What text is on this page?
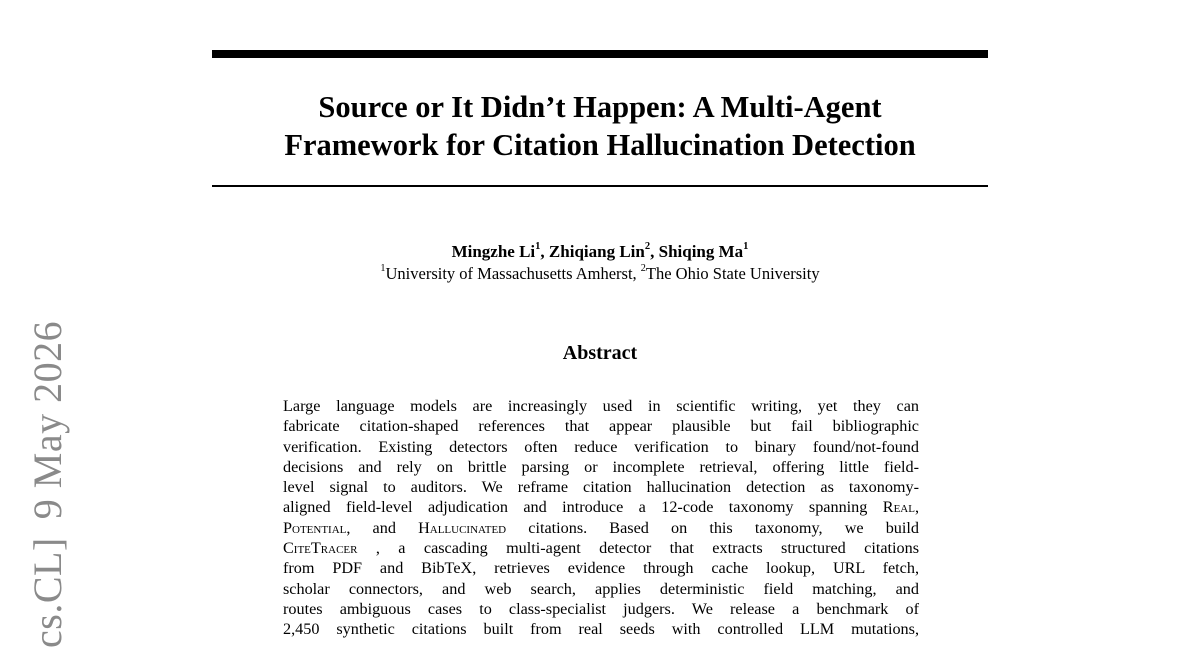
Source or It Didn’t Happen: A Multi-Agent
Framework for Citation Hallucination Detection
Mingzhe Li$^1$, Zhiqiang Lin$^2$, Shiqing Ma$^1$
$^1$University of Massachusetts Amherst, $^2$The Ohio State University
Abstract
Large language models are increasingly used in scientific writing, yet they can
fabricate citation-shaped references that appear plausible but fail bibliographic
verification. Existing detectors often reduce verification to binary found/not-found
decisions and rely on brittle parsing or incomplete retrieval, offering little field-
level signal to auditors. We reframe citation hallucination detection as taxonomy-
aligned field-level adjudication and introduce a 12-code taxonomy spanning Real,
Potential, and Hallucinated citations. Based on this taxonomy, we build
CiteTracer , a cascading multi-agent detector that extracts structured citations
from PDF and BibTeX, retrieves evidence through cache lookup, URL fetch,
scholar connectors, and web search, applies deterministic field matching, and
routes ambiguous cases to class-specialist judgers. We release a benchmark of
2,450 synthetic citations built from real seeds with controlled LLM mutations,
cs.CL]9 May 2026
